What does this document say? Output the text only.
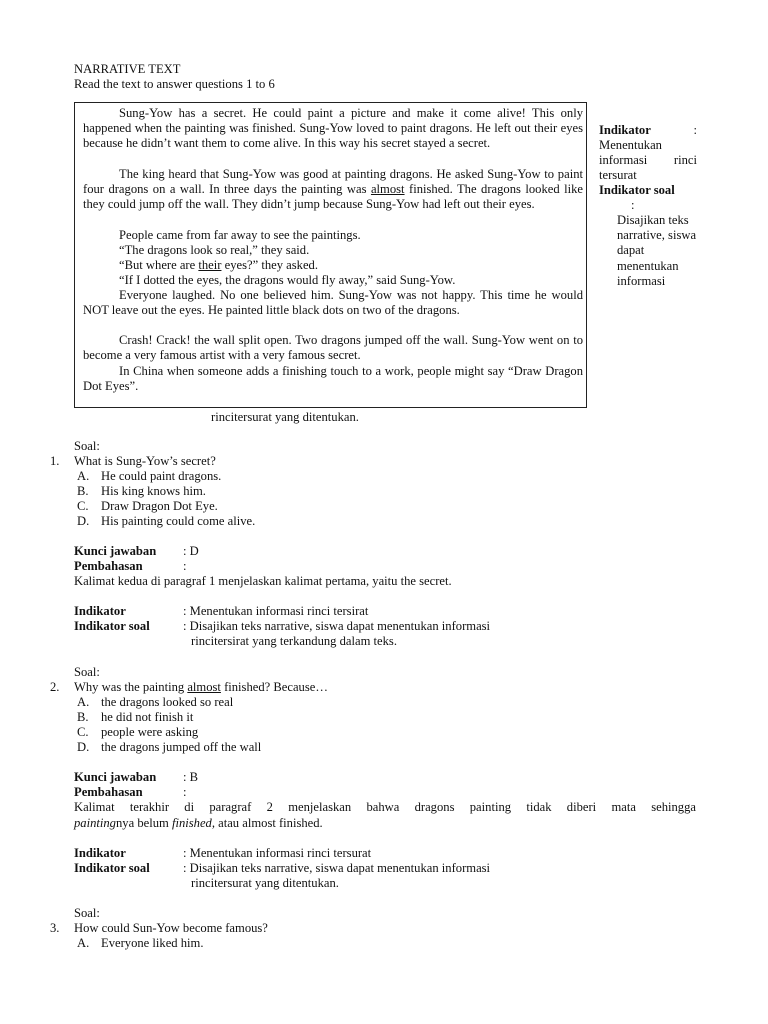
NARRATIVE TEXT
Read the text to answer questions 1 to 6
Sung-Yow has a secret. He could paint a picture and make it come alive! This only happened when the painting was finished. Sung-Yow loved to paint dragons. He left out their eyes because he didn’t want them to come alive. In this way his secret stayed a secret.
The king heard that Sung-Yow was good at painting dragons. He asked Sung-Yow to paint four dragons on a wall. In three days the painting was almost finished. The dragons looked like they could jump off the wall. They didn’t jump because Sung-Yow had left out their eyes.
People came from far away to see the paintings.
“The dragons look so real,” they said.
“But where are their eyes?” they asked.
“If I dotted the eyes, the dragons would fly away,” said Sung-Yow.
Everyone laughed. No one believed him. Sung-Yow was not happy. This time he would NOT leave out the eyes. He painted little black dots on two of the dragons.
Crash! Crack! the wall split open. Two dragons jumped off the wall. Sung-Yow went on to become a very famous artist with a very famous secret.
In China when someone adds a finishing touch to a work, people might say “Draw Dragon Dot Eyes”.
Indikator	:
Menentukan informasi rinci tersurat
Indikator soal
:
Disajikan teks narrative, siswa dapat menentukan informasi
rincitersurat yang ditentukan.
Soal:
1. What is Sung-Yow’s secret?
A. He could paint dragons.
B. His king knows him.
C. Draw Dragon Dot Eye.
D. His painting could come alive.
Kunci jawaban : D
Pembahasan	:
Kalimat kedua di paragraf 1 menjelaskan kalimat pertama, yaitu the secret.
Indikator	: Menentukan informasi rinci tersirat
Indikator soal	: Disajikan teks narrative, siswa dapat menentukan informasi
rincitersirat yang terkandung dalam teks.
Soal:
2. Why was the painting almost finished? Because…
A. the dragons looked so real
B. he did not finish it
C. people were asking
D. the dragons jumped off the wall
Kunci jawaban : B
Pembahasan	:
Kalimat terakhir di paragraf 2 menjelaskan bahwa dragons painting tidak diberi mata sehingga
paintingnya belum finished, atau almost finished.
Indikator	: Menentukan informasi rinci tersurat
Indikator soal	: Disajikan teks narrative, siswa dapat menentukan informasi
rincitersurat yang ditentukan.
Soal:
3. How could Sun-Yow become famous?
A. Everyone liked him.
